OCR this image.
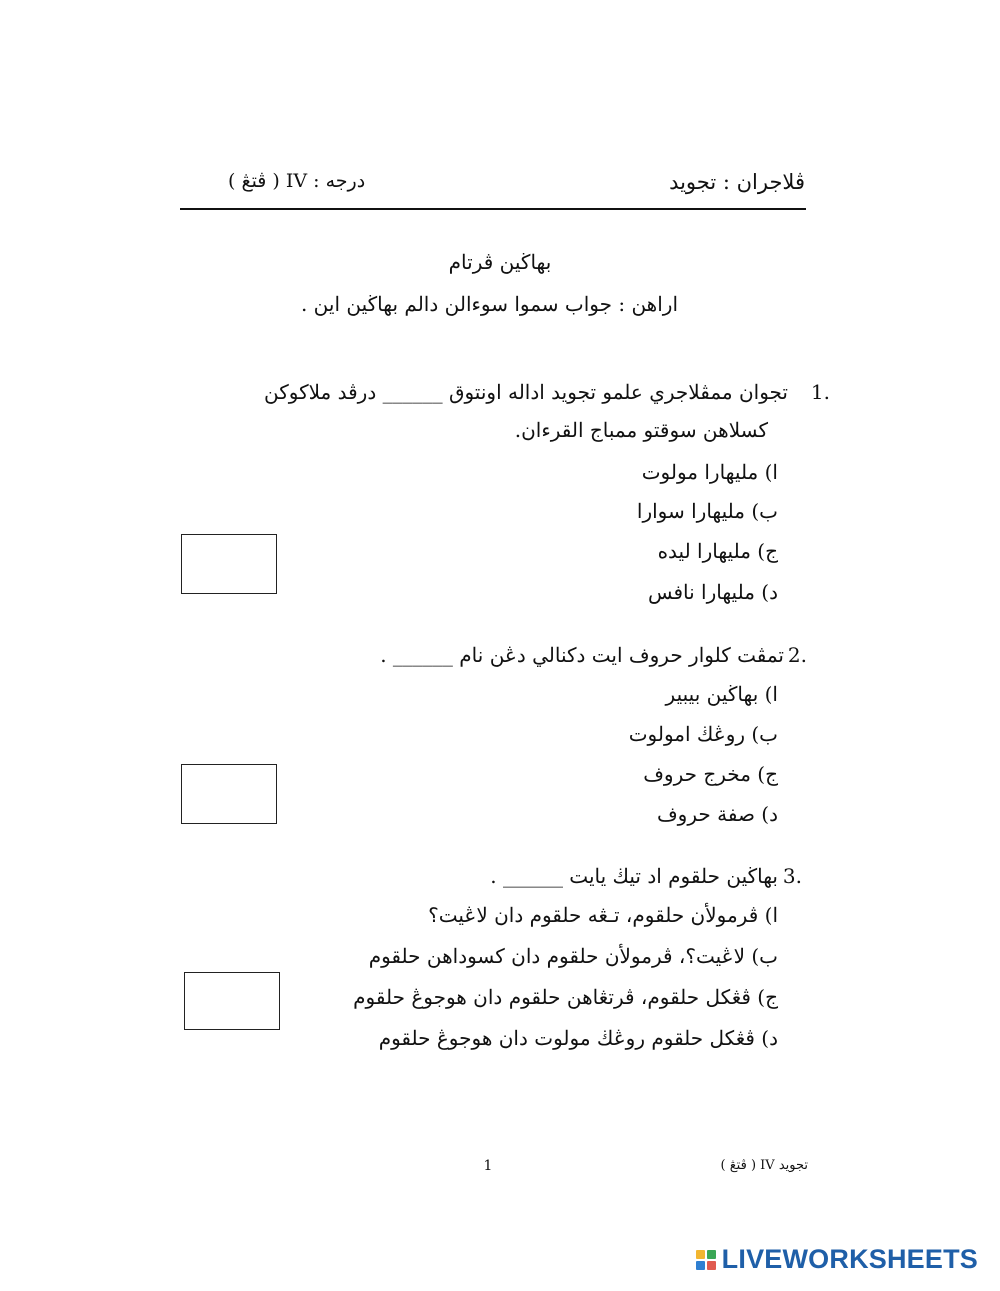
ڤلاجران : تجويد
درجه : IV ( ڤتڠ )
بهاڬين ڤرتام
اراهن : جواب سموا سوءالن دالم بهاڬين اين .
1.
تجوان ممڤلاجري علمو تجويد اداله اونتوق ______ درڤد ملاكوكن
كسلاهن سوقتو ممباج القرءان.
ا) مليهارا مولوت
ب) مليهارا سوارا
ج) مليهارا ليده
د) مليهارا نافس
2.
تمڤت كلوار حروف ايت دكنالي دڠن نام ______ .
ا) بهاڬين بيبير
ب) روڠڬ امولوت
ج) مخرج حروف
د) صفة حروف
3.
بهاڬين حلقوم اد تيڬ يايت ______ .
ا) ڤرمولأن حلقوم، تـڠه حلقوم دان لاڠيت؟
ب) لاڠيت؟، ڤرمولأن حلقوم دان كسوداهن حلقوم
ج) ڤڠكل حلقوم، ڤرتڠاهن حلقوم دان هوجوڠ حلقوم
د) ڤڠكل حلقوم روڠڬ مولوت دان هوجوڠ حلقوم
1	تجويد IV ( ڤتڠ )
LIVEWORKSHEETS
